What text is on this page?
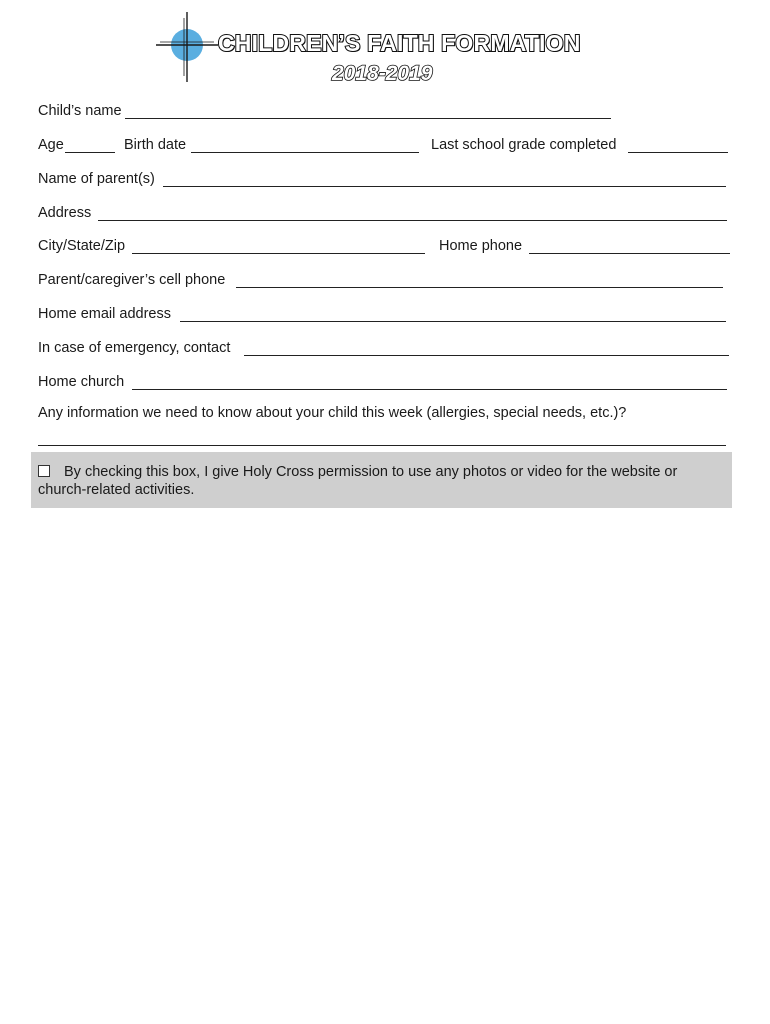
CHILDREN’S FAITH FORMATION
2018-2019
Child’s name
Age	Birth date	Last school grade completed
Name of parent(s)
Address
City/State/Zip	Home phone
Parent/caregiver’s cell phone
Home email address
In case of emergency, contact
Home church
Any information we need to know about your child this week (allergies, special needs, etc.)?
By checking this box, I give Holy Cross permission to use any photos or video for the website or church-related activities.
